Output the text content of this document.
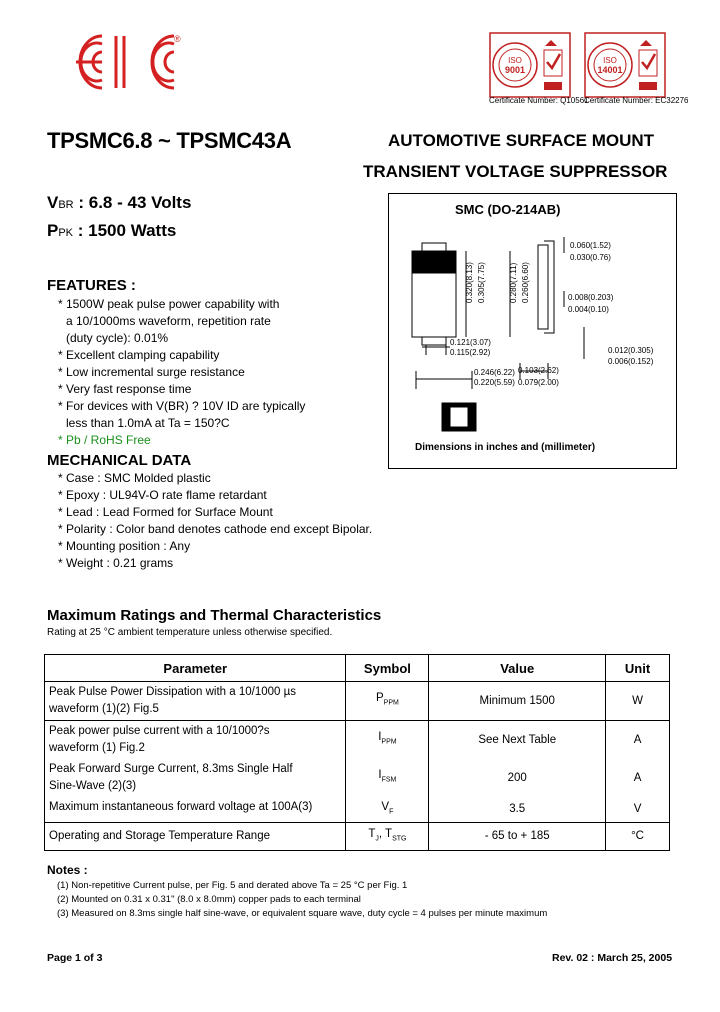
®
ISO
9001
Certificate Number: Q10561
ISO
14001
Certificate Number: EC32276
TPSMC6.8 ~ TPSMC43A	AUTOMOTIVE SURFACE MOUNT
TRANSIENT VOLTAGE SUPPRESSOR
VBR : 6.8 - 43 Volts
PPK : 1500 Watts
FEATURES :
* 1500W peak pulse power capability with
a 10/1000ms waveform, repetition rate
(duty cycle): 0.01%
* Excellent clamping capability
* Low incremental surge resistance
* Very fast response time
* For devices with V(BR) ? 10V ID are typically
less than 1.0mA at Ta = 150?C
* Pb / RoHS Free
MECHANICAL DATA
* Case : SMC Molded plastic
* Epoxy : UL94V-O rate flame retardant
* Lead : Lead Formed for Surface Mount
* Polarity : Color band denotes cathode end except Bipolar.
* Mounting position : Any
* Weight : 0.21 grams
SMC (DO-214AB)
0.320(8.13) 0.305(7.75)	0.280(7.11) 0.260(6.60)
0.121(3.07)
0.115(2.92)
0.246(6.22)
0.220(5.59)
0.060(1.52)
0.030(0.76)
0.008(0.203)
0.004(0.10)
0.012(0.305)
0.006(0.152)
0.103(2.62)
0.079(2.00)
Dimensions in inches and (millimeter)
Maximum Ratings and Thermal Characteristics
Rating at 25 °C ambient temperature unless otherwise specified.
Parameter	Symbol	Value	Unit

Peak Pulse Power Dissipation with a 10/1000 µs
waveform (1)(2) Fig.5	$P_{PPM}$	Minimum 1500	W

Peak power pulse current with a 10/1000?s
waveform (1) Fig.2	$I_{PPM}$	See Next Table	A

Peak Forward Surge Current, 8.3ms Single Half
Sine-Wave (2)(3)	$I_{FSM}$	200	A

Maximum instantaneous forward voltage at 100A(3)	$V_F$	3.5	V

Operating and Storage Temperature Range	$T_J$, $T_{STG}$	- 65 to + 185	°C
Notes :
(1) Non-repetitive Current pulse, per Fig. 5 and derated above Ta = 25 °C per Fig. 1
(2) Mounted on 0.31 x 0.31" (8.0 x 8.0mm) copper pads to each terminal
(3) Measured on 8.3ms single half sine-wave, or equivalent square wave, duty cycle = 4 pulses per minute maximum
Page 1 of 3	Rev. 02 : March 25, 2005
